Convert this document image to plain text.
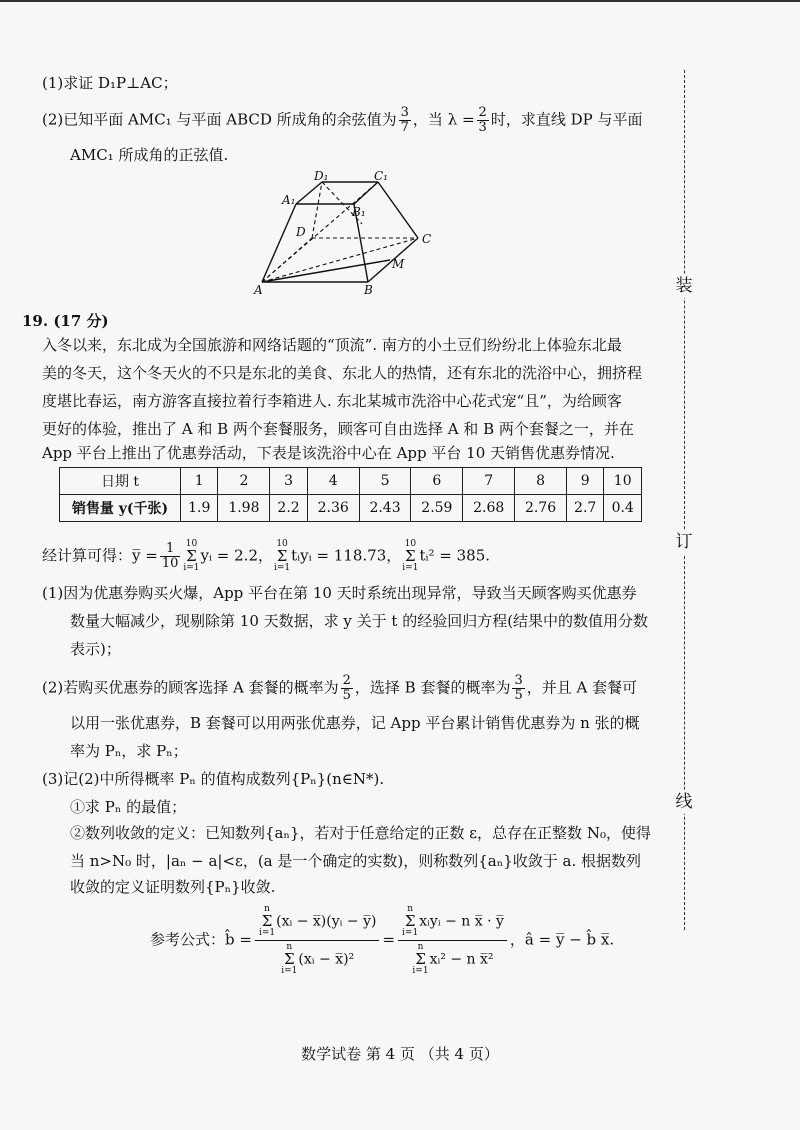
装
订
线
(1)求证 D₁P⊥AC；
(2)已知平面 AMC₁ 与平面 ABCD 所成角的余弦值为 $\frac{3}{7}$ ，当 $\lambda = \frac{2}{3}$ 时，求直线 DP 与平面
AMC₁ 所成角的正弦值.
D₁	C₁
A₁
B₁
D	C
M
A	B
19. (17 分)
入冬以来，东北成为全国旅游和网络话题的“顶流”. 南方的小土豆们纷纷北上体验东北最
美的冬天，这个冬天火的不只是东北的美食、东北人的热情，还有东北的洗浴中心，拥挤程
度堪比春运，南方游客直接拉着行李箱进人. 东北某城市洗浴中心花式宠“且”，为给顾客
更好的体验，推出了 A 和 B 两个套餐服务，顾客可自由选择 A 和 B 两个套餐之一，并在
App 平台上推出了优惠券活动，下表是该洗浴中心在 App 平台 10 天销售优惠券情况.
日期 t	1	2	3	4	5	6	7	8	9	10
销售量 y(千张)	1.9	1.98	2.2	2.36	2.43	2.59	2.68	2.76	2.7	0.4
经计算可得：y̅ = $\frac{1}{10} 10$
Σ
i=1yᵢ = 2.2，10
Σ
i=1tᵢyᵢ = 118.73，10
Σ
i=1tᵢ² = 385.
(1)因为优惠券购买火爆，App 平台在第 10 天时系统出现异常，导致当天顾客购买优惠券
数量大幅减少，现剔除第 10 天数据，求 y 关于 t 的经验回归方程(结果中的数值用分数
表示)；
(2)若购买优惠券的顾客选择 A 套餐的概率为 $\frac{2}{5}$ ，选择 B 套餐的概率为 $\frac{3}{5}$ ，并且 A 套餐可
以用一张优惠券，B 套餐可以用两张优惠券，记 App 平台累计销售优惠券为 n 张的概
率为 Pₙ，求 Pₙ；
(3)记(2)中所得概率 Pₙ 的值构成数列{Pₙ}(n∈N*).
①求 Pₙ 的最值；
②数列收敛的定义：已知数列{aₙ}，若对于任意给定的正数 ε，总存在正整数 N₀，使得
当 n>N₀ 时，|aₙ − a|<ε，(a 是一个确定的实数)，则称数列{aₙ}收敛于 a. 根据数列
收敛的定义证明数列{Pₙ}收敛.
参考公式：b̂ = n
Σ
i=1(xᵢ − x̅)(yᵢ − y̅)
n
Σ
i=1(xᵢ − x̅)² = n
Σ
i=1xᵢyᵢ − n x̅ · y̅
n
Σ
i=1xᵢ² − n x̅² ，â = y̅ − b̂ x̅.
数学试卷 第 4 页 （共 4 页）
